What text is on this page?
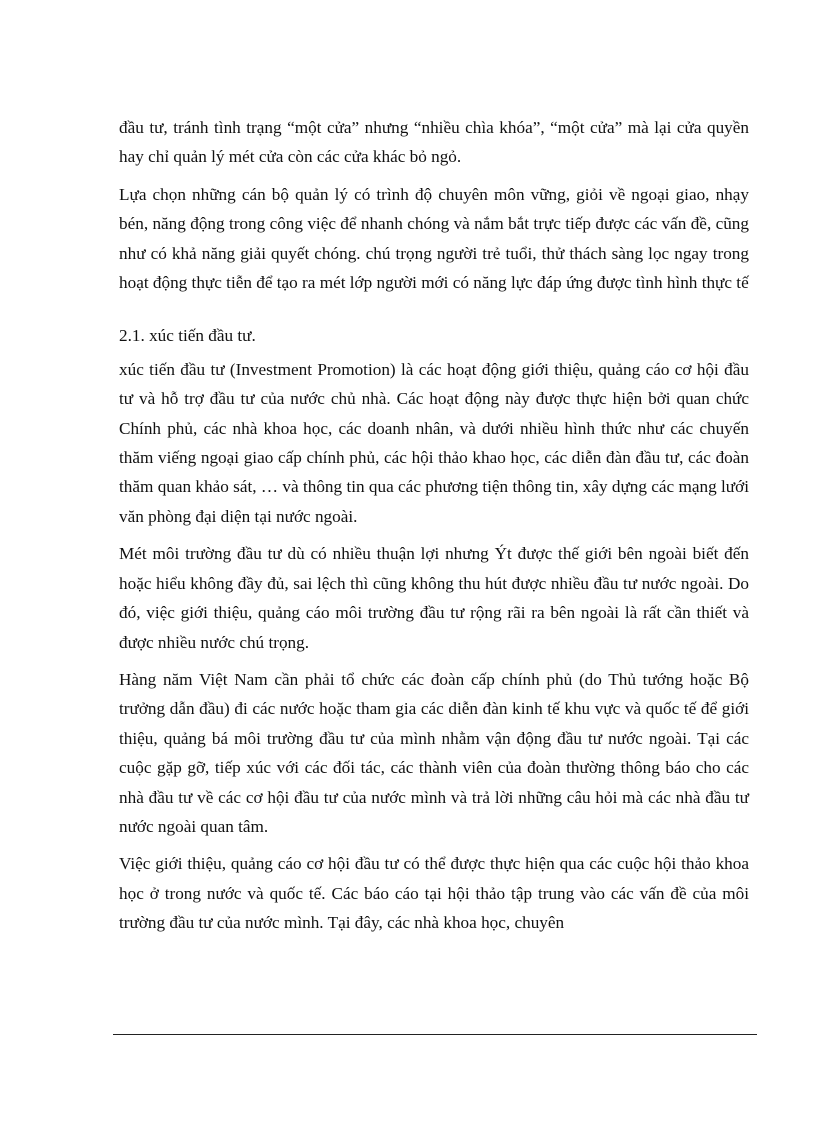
đầu tư, tránh tình trạng “một cửa” nhưng “nhiều chìa khóa”, “một cửa” mà lại cửa quyền hay chỉ quản lý mét cửa còn các cửa khác bỏ ngỏ.

Lựa chọn những cán bộ quản lý có trình độ chuyên môn vững, giỏi về ngoại giao, nhạy bén, năng động trong công việc để nhanh chóng và nắm bắt trực tiếp được các vấn đề, cũng như có khả năng giải quyết chóng. chú trọng người trẻ tuổi, thử thách sàng lọc ngay trong hoạt động thực tiễn để tạo ra mét lớp người mới có năng lực đáp ứng được tình hình thực tế

2.1. xúc tiến đầu tư.

xúc tiến đầu tư (Investment Promotion) là các hoạt động giới thiệu, quảng cáo cơ hội đầu tư và hỗ trợ đầu tư của nước chủ nhà. Các hoạt động này được thực hiện bởi quan chức Chính phủ, các nhà khoa học, các doanh nhân, và dưới nhiều hình thức như các chuyến thăm viếng ngoại giao cấp chính phủ, các hội thảo khao học, các diễn đàn đầu tư, các đoàn thăm quan khảo sát, … và thông tin qua các phương tiện thông tin, xây dựng các mạng lưới văn phòng đại diện tại nước ngoài.

Mét môi trường đầu tư dù có nhiều thuận lợi nhưng Ýt được thế giới bên ngoài biết đến hoặc hiểu không đầy đủ, sai lệch thì cũng không thu hút được nhiều đầu tư nước ngoài. Do đó, việc giới thiệu, quảng cáo môi trường đầu tư rộng rãi ra bên ngoài là rất cần thiết và được nhiều nước chú trọng.

Hàng năm Việt Nam cần phải tổ chức các đoàn cấp chính phủ (do Thủ tướng hoặc Bộ trưởng dẫn đầu) đi các nước hoặc tham gia các diễn đàn kinh tế khu vực và quốc tế để giới thiệu, quảng bá môi trường đầu tư của mình nhằm vận động đầu tư nước ngoài. Tại các cuộc gặp gỡ, tiếp xúc với các đối tác, các thành viên của đoàn thường thông báo cho các nhà đầu tư về các cơ hội đầu tư của nước mình và trả lời những câu hỏi mà các nhà đầu tư nước ngoài quan tâm.

Việc giới thiệu, quảng cáo cơ hội đầu tư có thể được thực hiện qua các cuộc hội thảo khoa học ở trong nước và quốc tế. Các báo cáo tại hội thảo tập trung vào các vấn đề của môi trường đầu tư của nước mình. Tại đây, các nhà khoa học, chuyên
